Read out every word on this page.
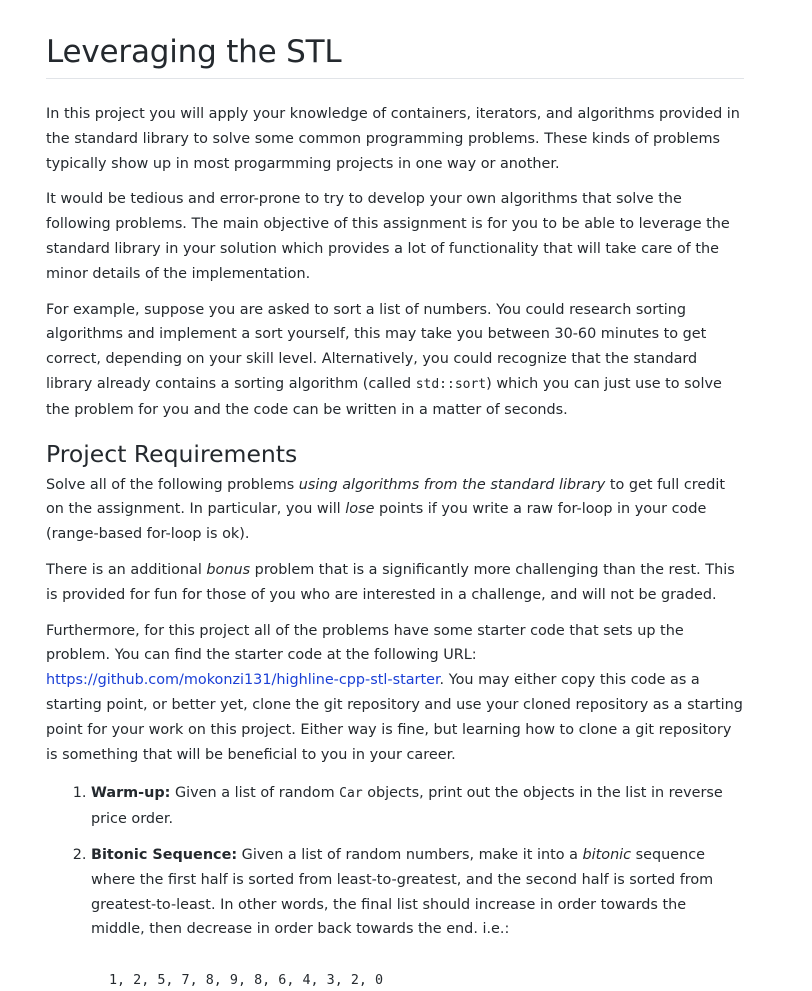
Leveraging the STL

In this project you will apply your knowledge of containers, iterators, and algorithms provided in the standard library to solve some common programming problems. These kinds of problems typically show up in most progarmming projects in one way or another.

It would be tedious and error-prone to try to develop your own algorithms that solve the following problems. The main objective of this assignment is for you to be able to leverage the standard library in your solution which provides a lot of functionality that will take care of the minor details of the implementation.

For example, suppose you are asked to sort a list of numbers. You could research sorting algorithms and implement a sort yourself, this may take you between 30-60 minutes to get correct, depending on your skill level. Alternatively, you could recognize that the standard library already contains a sorting algorithm (called std::sort) which you can just use to solve the problem for you and the code can be written in a matter of seconds.

Project Requirements

Solve all of the following problems using algorithms from the standard library to get full credit on the assignment. In particular, you will lose points if you write a raw for-loop in your code (range-based for-loop is ok).

There is an additional bonus problem that is a significantly more challenging than the rest. This is provided for fun for those of you who are interested in a challenge, and will not be graded.

Furthermore, for this project all of the problems have some starter code that sets up the problem. You can find the starter code at the following URL: https://github.com/mokonzi131/highline-cpp-stl-starter. You may either copy this code as a starting point, or better yet, clone the git repository and use your cloned repository as a starting point for your work on this project. Either way is fine, but learning how to clone a git repository is something that will be beneficial to you in your career.

1. Warm-up: Given a list of random Car objects, print out the objects in the list in reverse price order.
2. Bitonic Sequence: Given a list of random numbers, make it into a bitonic sequence where the first half is sorted from least-to-greatest, and the second half is sorted from greatest-to-least. In other words, the final list should increase in order towards the middle, then decrease in order back towards the end. i.e.:
1, 2, 5, 7, 8, 9, 8, 6, 4, 3, 2, 0
